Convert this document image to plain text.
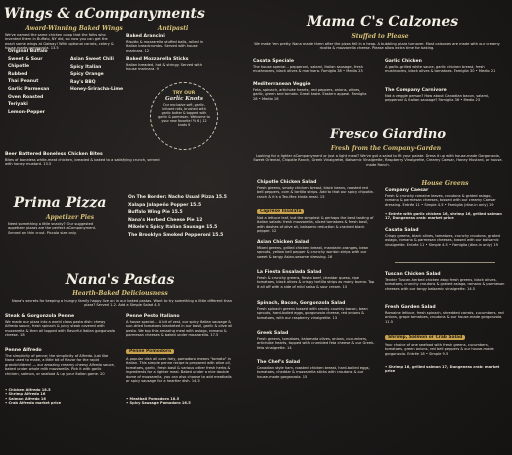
Wings & aCompanyments
Award-Winning Baked Wings
We've named the same chicken coop that the folks who invented them in Buffalo, NY did, so now you can get the exact same wings at Galway! With optional carrots, celery & house-made gorgonzola. 13.5
Original Buffalo
Sweet & Sour
Chipotle
Rubbed
Thai Peanut
Garlic Parmesan
Oven Roasted
Teriyaki
Lemon-Pepper
Asian Sweet Chili
Spicy Italian
Spicy Orange
Ray's BBQ
Honey-Sriracha-Lime
Beer Battered Boneless Chicken Bites
Bites of boneless white-meat chicken, breaded & baked to a satisfying crunch, served with honey mustard. 13.5
Antipasti
Baked Arancini
Risotto & mozzarella stuffed balls, rolled in Italian breadcrumbs. Served with house marinara. 12
Baked Mozzarella Sticks
Italian breaded, hot & stringy. Served with house marinara. 9
TRY OUR
Garlic Knots
Our exclusive soft, garlic-infused rolls, brushed with garlic butter & topped with garlic & parmesan. Welcome to your new favorite! ½ 6 | 12 knots 9
Prima Pizza
Appetizer Pies
Need something a little snacky? Our suggested appetizer pizzas are the perfect aCompanyment. Served on thin crust. Piccolo size only.
On The Border: Nacho Usual Pizza 15.5
Xalapa Jalapeño Popper 15.5
Buffalo Wing Pie 15.5
Nana's Herbed Cheese Pie 12
Mikele's Spicy Italian Sausage 15.5
The Brooklyn Smoked Pepperoni 15.5
Nana's Pastas
Hearth-Baked Deliciousness
Nana's secrets for keeping a hungry family happy live on in our baked pastas. Want to try something a little different than pizza? Served 1-2. Add a Simple Salad 4.5
Steak & Gorgonzola Penne
We made our pizza into a world class pasta dish: chewy Alfredo sauce, fresh spinach & juicy steak covered with mozzarella & then all topped with flavorful Italian gorgonzola cheese. 18
Penne Alfredo
The simplicity of penne; the simplicity of Alfredo. Just like Nana used to make, a little bit of flavor for the rapid grandchildren! — our amazing creamy cheesy Alfredo sauce, baked under whole milk mozzarella. Pick it with garlic chicken, salmon, or seafood & up your Italian game. 20
• Chicken Alfredo 18.5
• Shrimp Alfredo 16
• Salmon Alfredo 16
• Crab Alfredo market price
Penne Pesto Italiano
A house special... A bit of zest, our spicy Italian sausage & sun-dried tomatoes blanketed in our basil, garlic & olive oil pesto. We top this amazing meal with asiago, romano & parmesan cheeses & baked under mozzarella. 17.5
Penne Pomodoro
A popular dish all over Italy, pomodoro means "tomato" in Italian. This simple penne recipe is prepared with olive oil, tomatoes, garlic, fresh basil & various other fresh herbs & ingredients for a lighter meal. Baked under a nice double dome of mozzarella, you can also choose to add meatballs or spicy sausage for a heartier dish. 14.5
• Meatball Pomodoro 18.5
• Spicy Sausage Pomodoro 16.5
Mama C's Calzones
Stuffed to Please
We make 'em pretty. Nana made them after the pizza fell in a heap. A bubbling pizza turnover. Most calzones are made with our creamy ricotta & mozzarella cheese. Please allow extra time for baking.
Casata Speciale
The house special... pepperoni, salami, Italian sausage, fresh mushrooms, black olives & marinara. Famiglia 38 • Medio 23
Mediterranean Veggie
Feta, spinach, artichoke hearts, red peppers, onions, olives, garlic, green and tomato. Great taste. Eastern appeal. Famiglia 28 • Medio 18
Garlic Chicken
A garlic-grilled white sauce, garlic chicken breast, fresh mushrooms, black olives & tomatoes. Famiglia 30 • Medio 21
The Company Carnivore
Not a veggie person? How about Canadian bacon, salami, pepperoni & Italian sausage? Famiglia 36 • Medio 23
Fresco Giardino
Fresh from the Company-Garden
Looking for a lighter aCompanyment or just a light meal? We've got a salad to fit your palate. Dress it up with house-made Gorgonzola, Sweet Oriental, Chipotle Ranch, Greek Vinaigrette, Balsamic Vinaigrette, Raspberry Vinaigrette, Creamy Caesar, Honey Mustard, or house-made Ranch.
Chipotle Chicken Salad
Fresh greens, smoky chicken breast, black beans, roasted red bell peppers, corn & tortilla strips. Add to that our spicy chipotle-ranch & it's a Tex-Mex kinda meal. 15
Caprese Insalata
Not a lettuce leaf, but the simplest & perhaps the best tasting of Italian salads: fresh mozzarella, sliced tomatoes & fresh basil, with dashes of olive oil, balsamic reduction & cracked black pepper. 12
Asian Chicken Salad
Mixed greens, grilled chicken breast, mandarin oranges, bean sprouts, yellow bell pepper & crunchy wonton strips with our sweet & tangy Asian-sesame dressing. 16
La Fiesta Ensalada Salad
Fresh & crunchy greens, fiesta beef, cheddar queso, ripe tomatoes, black olives & crispy tortilla strips as many bueno. Top it all off with a side of mild salsa & sour cream. 15
Spinach, Bacon, Gorgonzola Salad
Fresh spinach greens tossed with smoky country bacon, bean sprouts, hard-boiled eggs, gorgonzola cheese, red onions & tomatoes, with our raspberry vinaigrette. 13
Greek Salad
Fresh greens, tomatoes, kalamata olives, onions, cucumbers, artichoke hearts, topped with crumbled feta cheese & our Greek-feta vinaigrette. 14
The Chef's Salad
Canadian style ham, roasted chicken breast, hard-boiled eggs, tomatoes, cheddar & mozzarella sticks with croutons & our house-made gorgonzola. 15
House Greens
Company Caesar
Fresh & crunchy romaine leaves, croutons & grated asiago, romano & parmesan cheeses, tossed with our creamy Caesar dressing. Entrée 11 • Simple 4.5 • Famiglia (dine-in only) 19
• Entrée with garlic chicken 16, shrimp 16, grilled salmon 17, Dungeness crab: market price
Casata Salad
Crispy greens, black olives, tomatoes, crunchy croutons, grated asiago, romano & parmesan cheeses, tossed with our balsamic vinaigrette. Entrée 11 • Simple 4.5 • Famiglia (dine-in only) 19
Tuscan Chicken Salad
Tender Tuscan-herbed chicken atop fresh greens, black olives, tomatoes, crunchy croutons & grated asiago, romano & parmesan cheeses with our tangy balsamic vinaigrette. 14.5
Fresh Garden Salad
Romaine lettuce, fresh spinach, shredded carrots, cucumbers, red onions, grape tomatoes, croutons & our house-made gorgonzola. 11.5
Shrimp, Salmon or Crab Salad
Your choice of one seafood with fresh greens, cucumbers, tomatoes, green onions, red bell peppers & our house-made gorgonzola. Entrée 18 • Simple 9.5
• Shrimp 16, grilled salmon 17, Dungeness crab: market price
